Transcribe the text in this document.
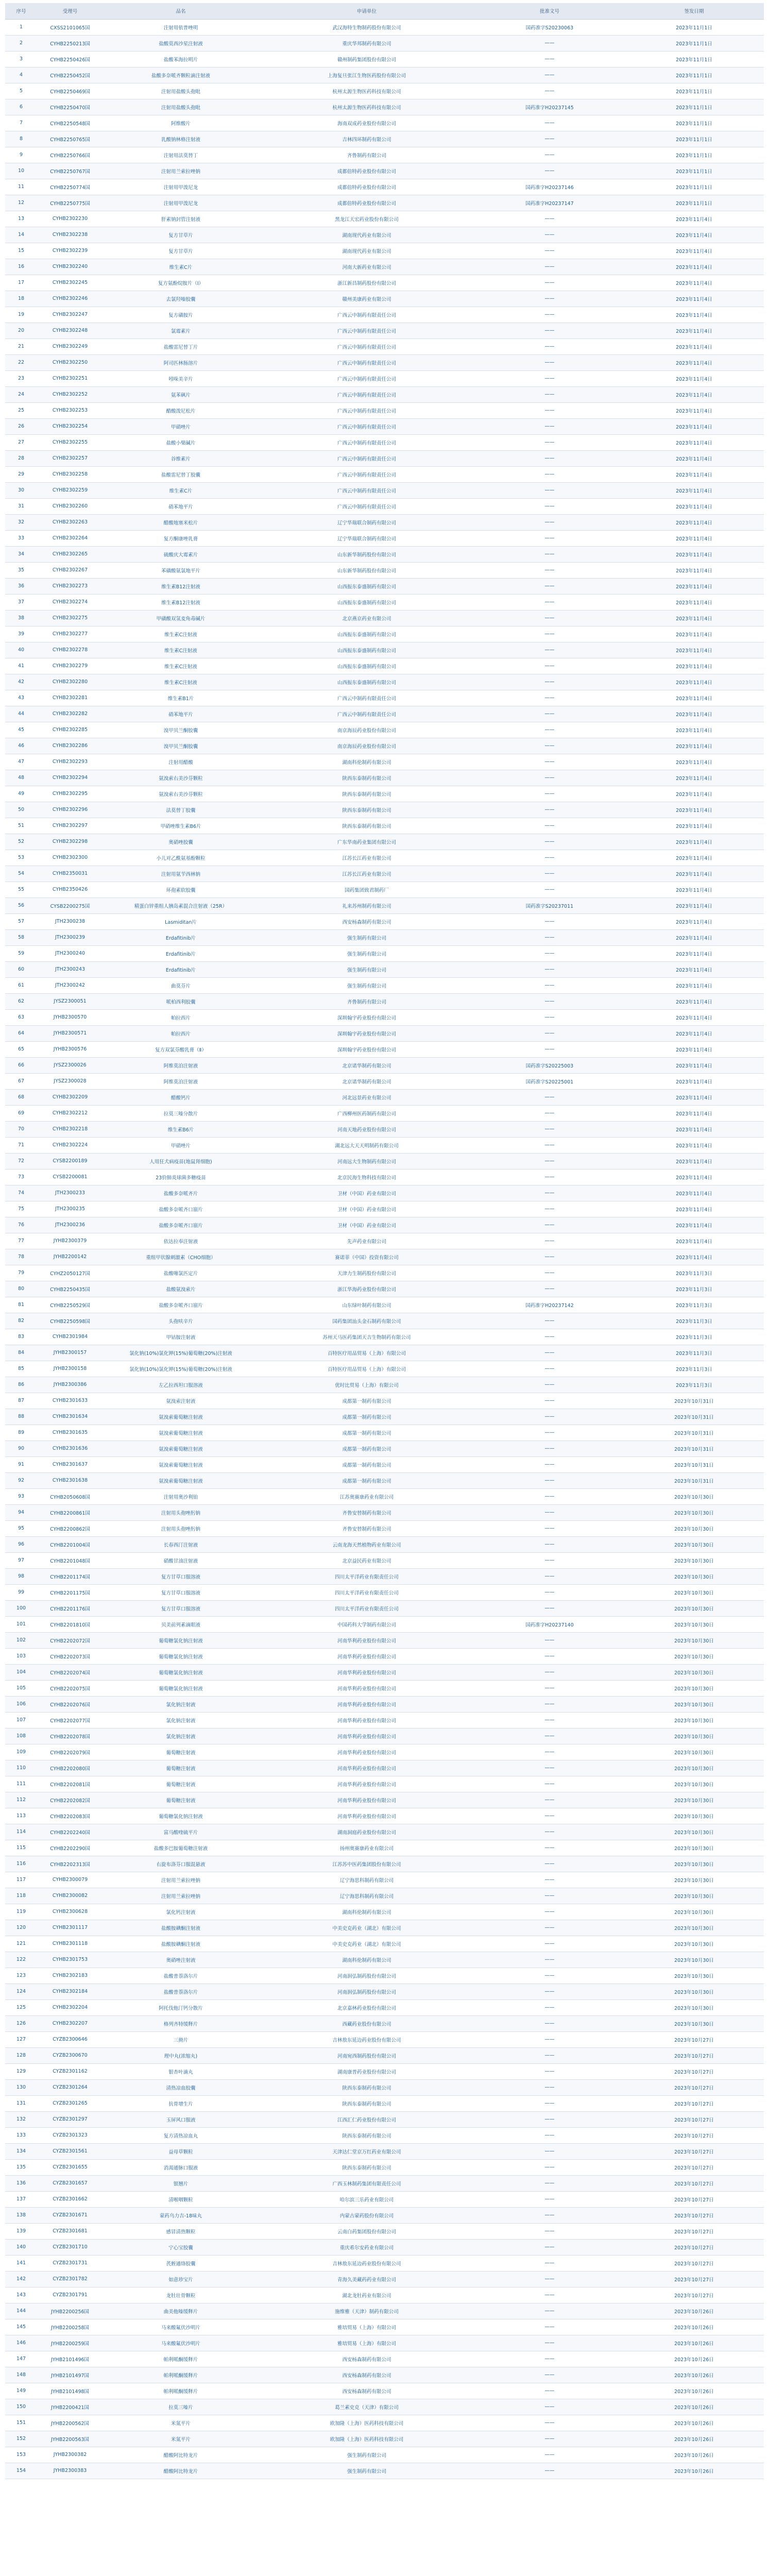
序号	受理号	品名	申请单位	批准文号	签发日期
1	CXSS2101065国	注射用依普唑明	武汉海特生物制药股份有限公司	国药准字S20230063	2023年11月1日
2	CYHB2250213国	盐酸莫西沙星注射液	重庆华邦制药有限公司	——	2023年11月1日
3	CYHB2250426国	盐酸苯海拉明片	赣州制药集团股份有限公司	——	2023年11月1日
4	CYHB2250452国	盐酸多奈哌齐颗粒滴注射液	上海复旦张江生物医药股份有限公司	——	2023年11月1日
5	CYHB2250469国	注射用盐酸头孢吡	杭州太源生物医药科技有限公司	——	2023年11月1日
6	CYHB2250470国	注射用盐酸头孢吡	杭州太源生物医药科技有限公司	国药准字H20237145	2023年11月1日
7	CYHB2250548国	阿维酸片	海南双成药业股份有限公司	——	2023年11月1日
8	CYHB2250765国	乳酸钠林格注射液	吉林四环制药有限公司	——	2023年11月1日
9	CYHB2250766国	注射用法莫替丁	齐鲁制药有限公司	——	2023年11月1日
10	CYHB2250767国	注射用兰索拉唑钠	成都倍特药业股份有限公司	——	2023年11月1日
11	CYHB2250774国	注射用甲泼尼龙	成都倍特药业股份有限公司	国药准字H20237146	2023年11月1日
12	CYHB2250775国	注射用甲泼尼龙	成都倍特药业股份有限公司	国药准字H20237147	2023年11月1日
13	CYHB2302230	肝素钠封管注射液	黑龙江天宏药业股份有限公司	——	2023年11月4日
14	CYHB2302238	复方甘草片	湖南现代药业有限公司	——	2023年11月4日
15	CYHB2302239	复方甘草片	湖南现代药业有限公司	——	2023年11月4日
16	CYHB2302240	维生素C片	河南大新药业有限公司	——	2023年11月4日
17	CYHB2302245	复方氨酚烷胺片（I）	浙江新昌制药股份有限公司	——	2023年11月4日
18	CYHB2302246	去氯羟嗪胶囊	赣州美康药业有限公司	——	2023年11月4日
19	CYHB2302247	复方磺胺片	广西云中制药有限责任公司	——	2023年11月4日
20	CYHB2302248	氯霉素片	广西云中制药有限责任公司	——	2023年11月4日
21	CYHB2302249	盐酸雷尼替丁片	广西云中制药有限责任公司	——	2023年11月4日
22	CYHB2302250	阿司匹林肠溶片	广西云中制药有限责任公司	——	2023年11月4日
23	CYHB2302251	吲哚美辛片	广西云中制药有限责任公司	——	2023年11月4日
24	CYHB2302252	氨苯砜片	广西云中制药有限责任公司	——	2023年11月4日
25	CYHB2302253	醋酸泼尼松片	广西云中制药有限责任公司	——	2023年11月4日
26	CYHB2302254	甲硝唑片	广西云中制药有限责任公司	——	2023年11月4日
27	CYHB2302255	盐酸小檗碱片	广西云中制药有限责任公司	——	2023年11月4日
28	CYHB2302257	谷维素片	广西云中制药有限责任公司	——	2023年11月4日
29	CYHB2302258	盐酸雷尼替丁胶囊	广西云中制药有限责任公司	——	2023年11月4日
30	CYHB2302259	维生素C片	广西云中制药有限责任公司	——	2023年11月4日
31	CYHB2302260	硝苯地平片	广西云中制药有限责任公司	——	2023年11月4日
32	CYHB2302263	醋酸地塞米松片	辽宁华瑞联合制药有限公司	——	2023年11月4日
33	CYHB2302264	复方酮康唑乳膏	辽宁华瑞联合制药有限公司	——	2023年11月4日
34	CYHB2302265	硫酸庆大霉素片	山东新华制药股份有限公司	——	2023年11月4日
35	CYHB2302267	苯磺酸氨氯地平片	山东新华制药股份有限公司	——	2023年11月4日
36	CYHB2302273	维生素B12注射液	山西振东泰盛制药有限公司	——	2023年11月4日
37	CYHB2302274	维生素B12注射液	山西振东泰盛制药有限公司	——	2023年11月4日
38	CYHB2302275	甲磺酸双氢麦角毒碱片	北京燕京药业有限公司	——	2023年11月4日
39	CYHB2302277	维生素C注射液	山西振东泰盛制药有限公司	——	2023年11月4日
40	CYHB2302278	维生素C注射液	山西振东泰盛制药有限公司	——	2023年11月4日
41	CYHB2302279	维生素C注射液	山西振东泰盛制药有限公司	——	2023年11月4日
42	CYHB2302280	维生素C注射液	山西振东泰盛制药有限公司	——	2023年11月4日
43	CYHB2302281	维生素B1片	广西云中制药有限责任公司	——	2023年11月4日
44	CYHB2302282	硝苯地平片	广西云中制药有限责任公司	——	2023年11月4日
45	CYHB2302285	溴甲贝兰酮胶囊	南京海辰药业股份有限公司	——	2023年11月4日
46	CYHB2302286	溴甲贝兰酮胶囊	南京海辰药业股份有限公司	——	2023年11月4日
47	CYHB2302293	注射用醋酸	湖南科伦制药有限公司	——	2023年11月4日
48	CYHB2302294	氨溴索右美沙芬颗粒	陕西东泰制药有限公司	——	2023年11月4日
49	CYHB2302295	氨溴索右美沙芬颗粒	陕西东泰制药有限公司	——	2023年11月4日
50	CYHB2302296	法莫替丁胶囊	陕西东泰制药有限公司	——	2023年11月4日
51	CYHB2302297	甲硝唑维生素B6片	陕西东泰制药有限公司	——	2023年11月4日
52	CYHB2302298	奥硝唑胶囊	广东华南药业集团有限公司	——	2023年11月4日
53	CYHB2302300	小儿对乙酰氨基酚颗粒	江苏长江药业有限公司	——	2023年11月4日
54	CYHB2350031	注射用氨苄西林钠	江苏长江药业有限公司	——	2023年11月4日
55	CYHB2350426	环孢素软胶囊	国药集团致君制药厂	——	2023年11月4日
56	CYSB2200275国	精蛋白锌重组人胰岛素混合注射液（25R）	礼来苏州制药有限公司	国药准字S20237011	2023年11月4日
57	JTH2300238	Lasmiditan片	西安杨森制药有限公司	——	2023年11月4日
58	JTH2300239	Erdafitinib片	强生制药有限公司	——	2023年11月4日
59	JTH2300240	Erdafitinib片	强生制药有限公司	——	2023年11月4日
60	JTH2300243	Erdafitinib片	强生制药有限公司	——	2023年11月4日
61	JTH2300242	曲莫芬片	强生制药有限公司	——	2023年11月4日
62	JYSZ2300051	哌柏西利胶囊	齐鲁制药有限公司	——	2023年11月4日
63	JYHB2300570	帕拉西片	深圳翰宇药业股份有限公司	——	2023年11月4日
64	JYHB2300571	帕拉西片	深圳翰宇药业股份有限公司	——	2023年11月4日
65	JYHB2300576	复方双氯芬酸乳膏（Ⅱ）	深圳翰宇药业股份有限公司	——	2023年11月4日
66	JYSZ2300026	阿维莫泊注射液	北京诺华制药有限公司	国药准字S20225003	2023年11月4日
67	JYSZ2300028	阿维莫泊注射液	北京诺华制药有限公司	国药准字S20225001	2023年11月4日
68	CYHB2302209	醋酸钙片	河北远景药业有限公司	——	2023年11月4日
69	CYHB2302212	拉莫三嗪分散片	广西柳州医药制药有限公司	——	2023年11月4日
70	CYHB2302218	维生素B6片	河南天地药业股份有限公司	——	2023年11月4日
71	CYHB2302224	甲硝唑片	湖北远大天天明制药有限公司	——	2023年11月4日
72	CYSB2200189	人用狂犬病疫苗(地鼠肾细胞)	河南远大生物制药有限公司	——	2023年11月4日
73	CYSB2200081	23价肺炎球菌多糖疫苗	北京民海生物科技有限公司	——	2023年11月4日
74	JTH2300233	盐酸多奈哌齐片	卫材（中国）药业有限公司	——	2023年11月4日
75	JTH2300235	盐酸多奈哌齐口崩片	卫材（中国）药业有限公司	——	2023年11月4日
76	JTH2300236	盐酸多奈哌齐口崩片	卫材（中国）药业有限公司	——	2023年11月4日
77	JYHB2300379	依达拉奉注射液	先声药业有限公司	——	2023年11月4日
78	JYHB2200142	重组甲状腺刺激素（CHO细胞）	赛诺菲（中国）投资有限公司	——	2023年11月4日
79	CYHZ2050127国	盐酸噻氯匹定片	天津力生制药股份有限公司	——	2023年11月3日
80	CYHB2250435国	盐酸氨溴索片	浙江华海药业股份有限公司	——	2023年11月3日
81	CYHB2250529国	盐酸多奈哌齐口崩片	山东绿叶制药有限公司	国药准字H20237142	2023年11月3日
82	CYHB2250598国	头孢呋辛片	国药集团汕头金石制药有限公司	——	2023年11月3日
83	CYHB2301984	甲钴胺注射液	苏州天马医药集团天吉生物制药有限公司	——	2023年11月3日
84	JYHB2300157	氯化钠(10%)氯化钾(15%)葡萄糖(20%)注射液	百特医疗用品贸易（上海）有限公司	——	2023年11月3日
85	JYHB2300158	氯化钠(10%)氯化钾(15%)葡萄糖(20%)注射液	百特医疗用品贸易（上海）有限公司	——	2023年11月3日
86	JYHB2300386	左乙拉西坦口服溶液	优时比贸易（上海）有限公司	——	2023年11月3日
87	CYHB2301633	氨溴索注射液	成都第一制药有限公司	——	2023年10月31日
88	CYHB2301634	氨溴索葡萄糖注射液	成都第一制药有限公司	——	2023年10月31日
89	CYHB2301635	氨溴索葡萄糖注射液	成都第一制药有限公司	——	2023年10月31日
90	CYHB2301636	氨溴索葡萄糖注射液	成都第一制药有限公司	——	2023年10月31日
91	CYHB2301637	氨溴索葡萄糖注射液	成都第一制药有限公司	——	2023年10月31日
92	CYHB2301638	氨溴索葡萄糖注射液	成都第一制药有限公司	——	2023年10月31日
93	CYHB2050608国	注射用奥沙利铂	江苏奥赛康药业有限公司	——	2023年10月30日
94	CYHB2200861国	注射用头孢唑肟钠	齐鲁安替制药有限公司	——	2023年10月30日
95	CYHB2200862国	注射用头孢唑肟钠	齐鲁安替制药有限公司	——	2023年10月30日
96	CYHB2201004国	长春西汀注射液	云南龙海天然植物药业有限公司	——	2023年10月30日
97	CYHB2201048国	硝酸甘油注射液	北京益民药业有限公司	——	2023年10月30日
98	CYHB2201174国	复方甘草口服溶液	四川太平洋药业有限责任公司	——	2023年10月30日
99	CYHB2201175国	复方甘草口服溶液	四川太平洋药业有限责任公司	——	2023年10月30日
100	CYHB2201176国	复方甘草口服溶液	四川太平洋药业有限责任公司	——	2023年10月30日
101	CYHB2201810国	贝美前列素滴眼液	中国药科大学制药有限公司	国药准字H20237140	2023年10月30日
102	CYHB2202072国	葡萄糖氯化钠注射液	河南华利药业股份有限公司	——	2023年10月30日
103	CYHB2202073国	葡萄糖氯化钠注射液	河南华利药业股份有限公司	——	2023年10月30日
104	CYHB2202074国	葡萄糖氯化钠注射液	河南华利药业股份有限公司	——	2023年10月30日
105	CYHB2202075国	葡萄糖氯化钠注射液	河南华利药业股份有限公司	——	2023年10月30日
106	CYHB2202076国	氯化钠注射液	河南华利药业股份有限公司	——	2023年10月30日
107	CYHB2202077国	氯化钠注射液	河南华利药业股份有限公司	——	2023年10月30日
108	CYHB2202078国	氯化钠注射液	河南华利药业股份有限公司	——	2023年10月30日
109	CYHB2202079国	葡萄糖注射液	河南华利药业股份有限公司	——	2023年10月30日
110	CYHB2202080国	葡萄糖注射液	河南华利药业股份有限公司	——	2023年10月30日
111	CYHB2202081国	葡萄糖注射液	河南华利药业股份有限公司	——	2023年10月30日
112	CYHB2202082国	葡萄糖注射液	河南华利药业股份有限公司	——	2023年10月30日
113	CYHB2202083国	葡萄糖氯化钠注射液	河南华利药业股份有限公司	——	2023年10月30日
114	CYHB2202240国	富马酸喹硫平片	湖南洞庭药业股份有限公司	——	2023年10月30日
115	CYHB2202290国	盐酸多巴胺葡萄糖注射液	扬州奥赛康药业有限公司	——	2023年10月30日
116	CYHB2202313国	右旋布洛芬口服混悬液	江苏苏中医药集团股份有限公司	——	2023年10月30日
117	CYHB2300079	注射用兰索拉唑钠	辽宁海思科制药有限公司	——	2023年10月30日
118	CYHB2300082	注射用兰索拉唑钠	辽宁海思科制药有限公司	——	2023年10月30日
119	CYHB2300628	氯化钙注射液	湖南科伦制药有限公司	——	2023年10月30日
120	CYHB2301117	盐酸胺碘酮注射液	中美史克药业（湖北）有限公司	——	2023年10月30日
121	CYHB2301118	盐酸胺碘酮注射液	中美史克药业（湖北）有限公司	——	2023年10月30日
122	CYHB2301753	奥硝唑注射液	湖南科伦制药有限公司	——	2023年10月30日
123	CYHB2302183	盐酸普萘洛尔片	河南润弘制药股份有限公司	——	2023年10月30日
124	CYHB2302184	盐酸普萘洛尔片	河南润弘制药股份有限公司	——	2023年10月30日
125	CYHB2302204	阿托伐他汀钙分散片	北京嘉林药业股份有限公司	——	2023年10月30日
126	CYHB2302207	格列齐特缓释片	西藏药业股份有限公司	——	2023年10月30日
127	CYZB2300646	三拗片	吉林敖东延边药业股份有限公司	——	2023年10月27日
128	CYZB2300670	理中丸(浓缩丸)	河南宛西制药股份有限公司	——	2023年10月27日
129	CYZB2301162	银杏叶滴丸	湖南康普药业股份有限公司	——	2023年10月27日
130	CYZB2301264	清热凉血胶囊	陕西东泰制药有限公司	——	2023年10月27日
131	CYZB2301265	抗骨增生片	陕西东泰制药有限公司	——	2023年10月27日
132	CYZB2301297	玉屏风口服液	江西汇仁药业股份有限公司	——	2023年10月27日
133	CYZB2301323	复方清热凉血丸	陕西东泰制药有限公司	——	2023年10月27日
134	CYZB2301561	益母草颗粒	天津达仁堂京万红药业有限公司	——	2023年10月27日
135	CYZB2301655	消渴通脉口服液	陕西东泰制药有限公司	——	2023年10月27日
136	CYZB2301657	银翘片	广西玉林制药集团有限责任公司	——	2023年10月27日
137	CYZB2301662	清喉咽颗粒	哈尔滨三乐药业有限公司	——	2023年10月27日
138	CYZB2301671	蒙药乌力吉-18味丸	内蒙古蒙药股份有限公司	——	2023年10月27日
139	CYZB2301681	感冒清热颗粒	云南白药集团股份有限公司	——	2023年10月27日
140	CYZB2301710	宁心宝胶囊	重庆希尔安药业有限公司	——	2023年10月27日
141	CYZB2301731	芪蛭通络胶囊	吉林敖东延边药业股份有限公司	——	2023年10月27日
142	CYZB2301782	如意珍宝片	青海久美藏药药业有限公司	——	2023年10月27日
143	CYZB2301791	龙牡壮骨颗粒	湖北龙牡药业有限公司	——	2023年10月27日
144	JYHB2200256国	曲美他嗪缓释片	施维雅（天津）制药有限公司	——	2023年10月26日
145	JYHB2200258国	马来酸氟伏沙明片	雅培贸易（上海）有限公司	——	2023年10月26日
146	JYHB2200259国	马来酸氟伏沙明片	雅培贸易（上海）有限公司	——	2023年10月26日
147	JYHB2101496国	帕利哌酮缓释片	西安杨森制药有限公司	——	2023年10月26日
148	JYHB2101497国	帕利哌酮缓释片	西安杨森制药有限公司	——	2023年10月26日
149	JYHB2101498国	帕利哌酮缓释片	西安杨森制药有限公司	——	2023年10月26日
150	JYHB2200421国	拉莫三嗪片	葛兰素史克（天津）有限公司	——	2023年10月26日
151	JYHB2200562国	米氮平片	欧加隆（上海）医药科技有限公司	——	2023年10月26日
152	JYHB2200563国	米氮平片	欧加隆（上海）医药科技有限公司	——	2023年10月26日
153	JYHB2300382	醋酸阿比特龙片	强生制药有限公司	——	2023年10月26日
154	JYHB2300383	醋酸阿比特龙片	强生制药有限公司	——	2023年10月26日
